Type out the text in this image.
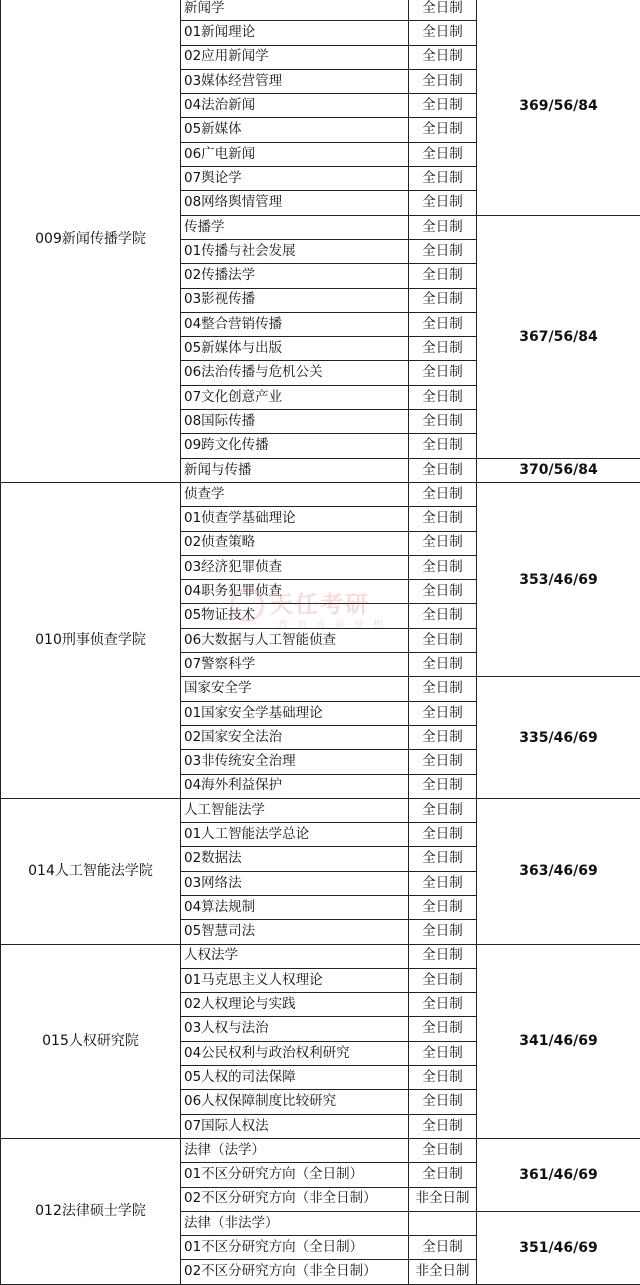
009新闻传播学院	新闻学	全日制	369/56/84
	01新闻理论	全日制	
	02应用新闻学	全日制	
	03媒体经营管理	全日制	
	04法治新闻	全日制	
	05新媒体	全日制	
	06广电新闻	全日制	
	07舆论学	全日制	
	08网络舆情管理	全日制	
	传播学	全日制	367/56/84
	01传播与社会发展	全日制	
	02传播法学	全日制	
	03影视传播	全日制	
	04整合营销传播	全日制	
	05新媒体与出版	全日制	
	06法治传播与危机公关	全日制	
	07文化创意产业	全日制	
	08国际传播	全日制	
	09跨文化传播	全日制	
	新闻与传播	全日制	370/56/84
010刑事侦查学院	侦查学	全日制	353/46/69
	01侦查学基础理论	全日制	
	02侦查策略	全日制	
	03经济犯罪侦查	全日制	
	04职务犯罪侦查	全日制	
	05物证技术	全日制	
	06大数据与人工智能侦查	全日制	
	07警察科学	全日制	
	国家安全学	全日制	335/46/69
	01国家安全学基础理论	全日制	
	02国家安全法治	全日制	
	03非传统安全治理	全日制	
	04海外利益保护	全日制	
014人工智能法学院	人工智能法学	全日制	363/46/69
	01人工智能法学总论	全日制	
	02数据法	全日制	
	03网络法	全日制	
	04算法规制	全日制	
	05智慧司法	全日制	
015人权研究院	人权法学	全日制	341/46/69
	01马克思主义人权理论	全日制	
	02人权理论与实践	全日制	
	03人权与法治	全日制	
	04公民权利与政治权利研究	全日制	
	05人权的司法保障	全日制	
	06人权保障制度比较研究	全日制	
	07国际人权法	全日制	
012法律硕士学院	法律（法学）	全日制	361/46/69
	01不区分研究方向（全日制）	全日制	
	02不区分研究方向（非全日制）	非全日制	
	法律（非法学）		351/46/69
	01不区分研究方向（全日制）	全日制	
	02不区分研究方向（非全日制）	非全日制	
天任考研
教育成就梦想
